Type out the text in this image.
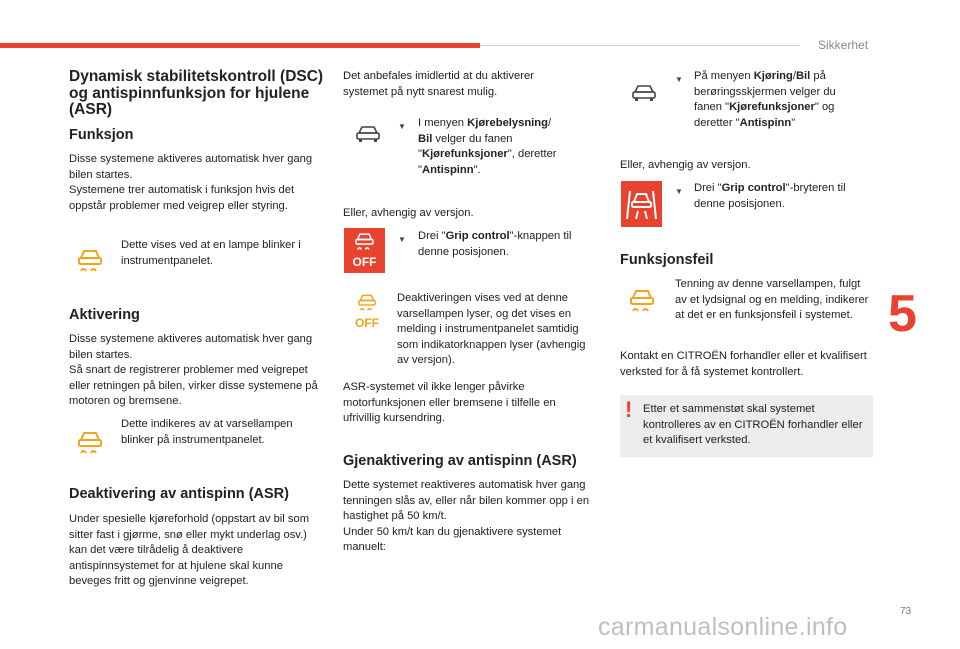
Sikkerhet
5
73
carmanualsonline.info
Dynamisk stabilitetskontroll (DSC) og antispinnfunksjon for hjulene (ASR)
Funksjon

Disse systemene aktiveres automatisk hver gang bilen startes.
Systemene trer automatisk i funksjon hvis det oppstår problemer med veigrep eller styring.

Dette vises ved at en lampe blinker i instrumentpanelet.

Aktivering

Disse systemene aktiveres automatisk hver gang bilen startes.
Så snart de registrerer problemer med veigrepet eller retningen på bilen, virker disse systemene på motoren og bremsene.

Dette indikeres av at varsellampen blinker på instrumentpanelet.

Deaktivering av antispinn (ASR)

Under spesielle kjøreforhold (oppstart av bil som sitter fast i gjørme, snø eller mykt underlag osv.) kan det være tilrådelig å deaktivere antispinnsystemet for at hjulene skal kunne beveges fritt og gjenvinne veigrepet.

Det anbefales imidlertid at du aktiverer systemet på nytt snarest mulig.

▼ I menyen Kjørebelysning/
Bil velger du fanen "Kjørefunksjoner", deretter "Antispinn".

Eller, avhengig av versjon.

OFF
▼ Drei "Grip control"-knappen til denne posisjonen.

OFF

Deaktiveringen vises ved at denne varsellampen lyser, og det vises en melding i instrumentpanelet samtidig som indikatorknappen lyser (avhengig av versjon).

ASR-systemet vil ikke lenger påvirke motorfunksjonen eller bremsene i tilfelle en ufrivillig kursendring.

Gjenaktivering av antispinn (ASR)

Dette systemet reaktiveres automatisk hver gang tenningen slås av, eller når bilen kommer opp i en hastighet på 50 km/t.
Under 50 km/t kan du gjenaktivere systemet manuelt:

▼ På menyen Kjøring/Bil på berøringsskjermen velger du fanen "Kjørefunksjoner" og deretter "Antispinn"

Eller, avhengig av versjon.

▼ Drei "Grip control"-bryteren til denne posisjonen.

Funksjonsfeil

Tenning av denne varsellampen, fulgt av et lydsignal og en melding, indikerer at det er en funksjonsfeil i systemet.

Kontakt en CITROËN forhandler eller et kvalifisert verksted for å få systemet kontrollert.

! Etter et sammenstøt skal systemet kontrolleres av en CITROËN forhandler eller et kvalifisert verksted.
